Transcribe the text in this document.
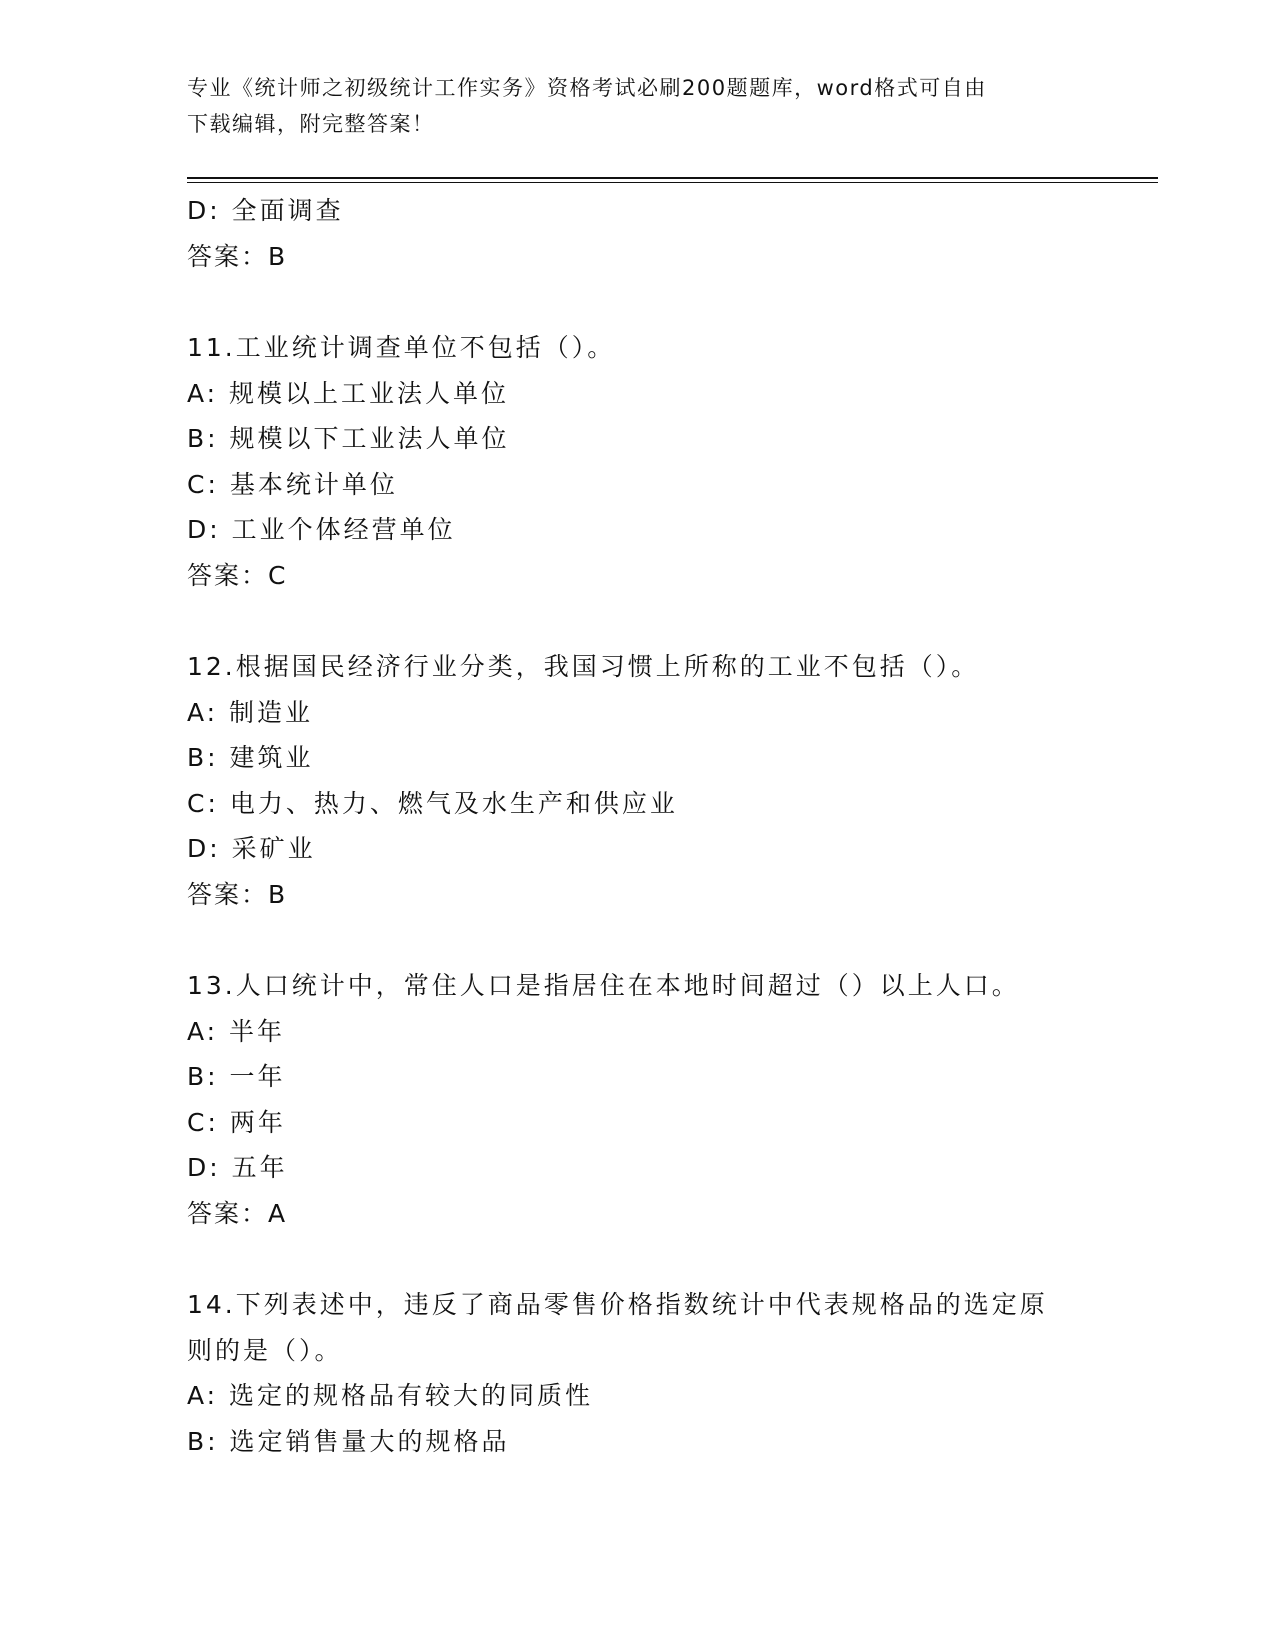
专业《统计师之初级统计工作实务》资格考试必刷200题题库，word格式可自由
下载编辑，附完整答案！
D: 全面调查
答案：B
11.工业统计调查单位不包括（）。
A: 规模以上工业法人单位
B: 规模以下工业法人单位
C: 基本统计单位
D: 工业个体经营单位
答案：C
12.根据国民经济行业分类，我国习惯上所称的工业不包括（）。
A: 制造业
B: 建筑业
C: 电力、热力、燃气及水生产和供应业
D: 采矿业
答案：B
13.人口统计中，常住人口是指居住在本地时间超过（）以上人口。
A: 半年
B: 一年
C: 两年
D: 五年
答案：A
14.下列表述中，违反了商品零售价格指数统计中代表规格品的选定原
则的是（）。
A: 选定的规格品有较大的同质性
B: 选定销售量大的规格品
